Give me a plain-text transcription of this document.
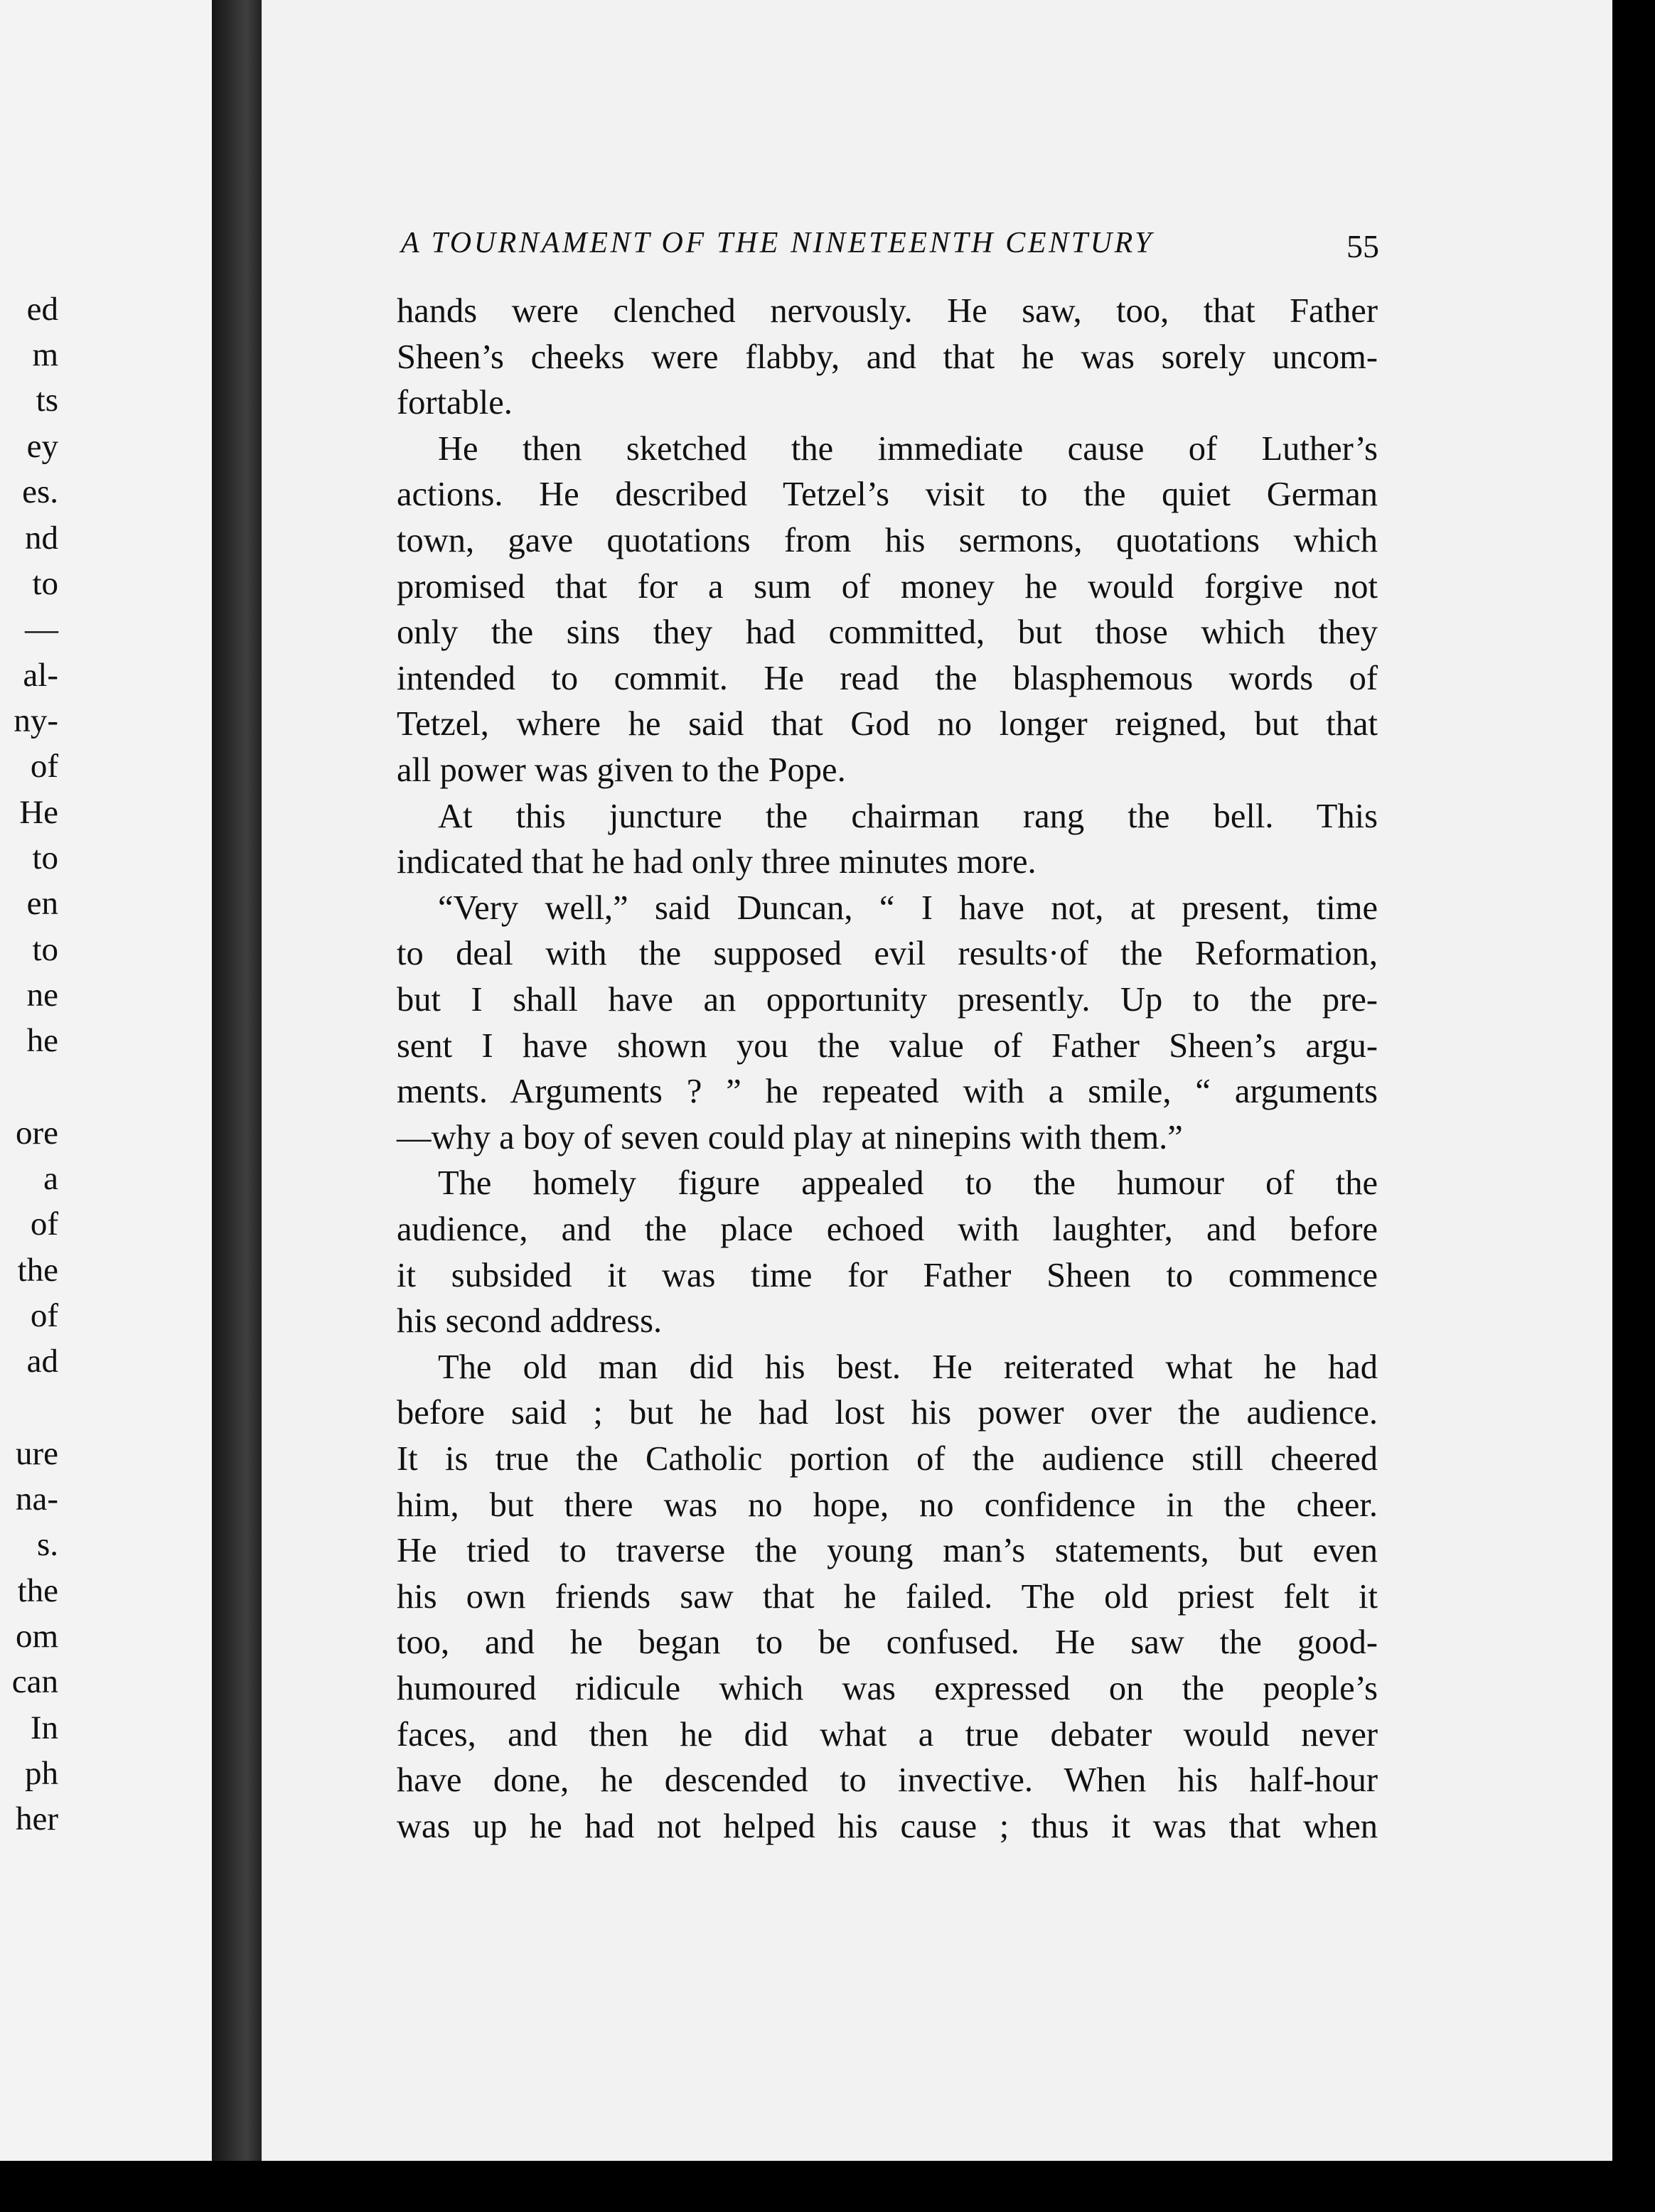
ed
m
ts
ey
es.
nd
to
—
al-
ny-
of
He
to
en
to
ne
he
ore
a
of
the
of
ad
ure
na-
s.
the
om
can
In
ph
her
A TOURNAMENT OF THE NINETEENTH CENTURY	55
hands were clenched nervously. He saw, too, that Father
Sheen’s cheeks were flabby, and that he was sorely uncom-
fortable.
He then sketched the immediate cause of Luther’s
actions. He described Tetzel’s visit to the quiet German
town, gave quotations from his sermons, quotations which
promised that for a sum of money he would forgive not
only the sins they had committed, but those which they
intended to commit. He read the blasphemous words of
Tetzel, where he said that God no longer reigned, but that
all power was given to the Pope.
At this juncture the chairman rang the bell. This
indicated that he had only three minutes more.
“Very well,” said Duncan, “ I have not, at present, time
to deal with the supposed evil results·of the Reformation,
but I shall have an opportunity presently. Up to the pre-
sent I have shown you the value of Father Sheen’s argu-
ments. Arguments ? ” he repeated with a smile, “ arguments
—why a boy of seven could play at ninepins with them.”
The homely figure appealed to the humour of the
audience, and the place echoed with laughter, and before
it subsided it was time for Father Sheen to commence
his second address.
The old man did his best. He reiterated what he had
before said ; but he had lost his power over the audience.
It is true the Catholic portion of the audience still cheered
him, but there was no hope, no confidence in the cheer.
He tried to traverse the young man’s statements, but even
his own friends saw that he failed. The old priest felt it
too, and he began to be confused. He saw the good-
humoured ridicule which was expressed on the people’s
faces, and then he did what a true debater would never
have done, he descended to invective. When his half-hour
was up he had not helped his cause ; thus it was that when
